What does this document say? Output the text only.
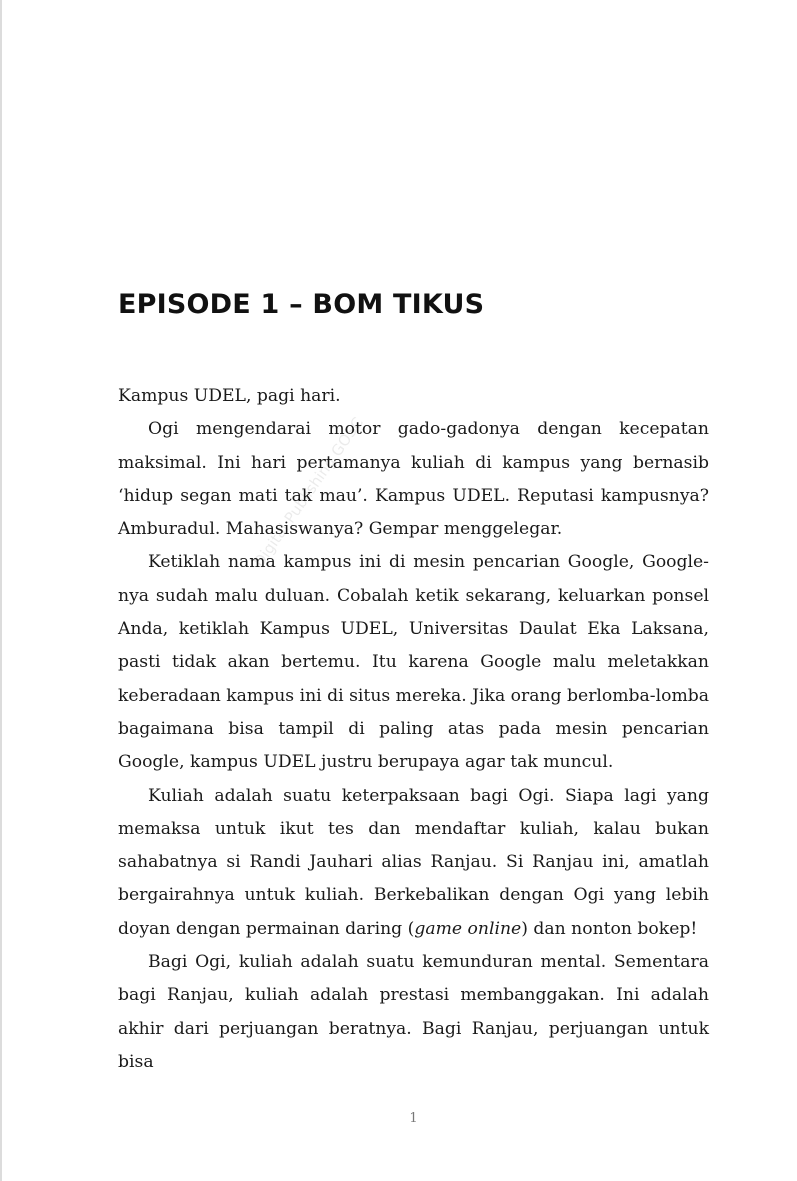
EPISODE 1 – BOM TIKUS
Digital Publishing GOSC

Kampus UDEL, pagi hari.

Ogi mengendarai motor gado-gadonya dengan kecepatan maksimal. Ini hari pertamanya kuliah di kampus yang bernasib ‘hidup segan mati tak mau’. Kampus UDEL. Reputasi kampusnya? Amburadul. Mahasiswanya? Gempar menggelegar.

Ketiklah nama kampus ini di mesin pencarian Google, Google-nya sudah malu duluan. Cobalah ketik sekarang, keluarkan ponsel Anda, ketiklah Kampus UDEL, Universitas Daulat Eka Laksana, pasti tidak akan bertemu. Itu karena Google malu meletakkan keberadaan kampus ini di situs mereka. Jika orang berlomba-lomba bagaimana bisa tampil di paling atas pada mesin pencarian Google, kampus UDEL justru berupaya agar tak muncul.

Kuliah adalah suatu keterpaksaan bagi Ogi. Siapa lagi yang memaksa untuk ikut tes dan mendaftar kuliah, kalau bukan sahabatnya si Randi Jauhari alias Ranjau. Si Ranjau ini, amatlah bergairahnya untuk kuliah. Berkebalikan dengan Ogi yang lebih doyan dengan permainan daring (game online) dan nonton bokep!

Bagi Ogi, kuliah adalah suatu kemunduran mental. Sementara bagi Ranjau, kuliah adalah prestasi membanggakan. Ini adalah akhir dari perjuangan beratnya. Bagi Ranjau, perjuangan untuk bisa

1
